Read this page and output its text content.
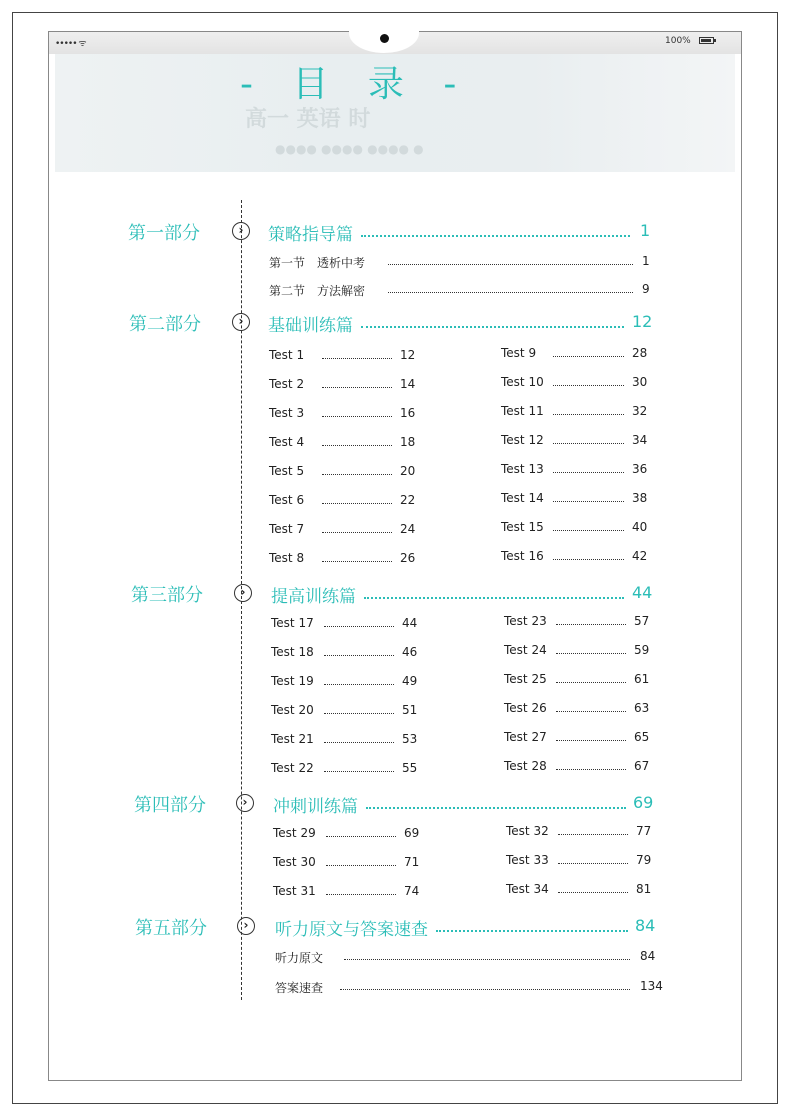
••••• ᯤ	100%
高一 英语 时
●●●● ●●●● ●●●● ●
- 目 录 -
第一部分	›	策略指导篇	1
第一节　透析中考	1
第二节　方法解密	9
第二部分	›	基础训练篇	12
Test 1	12
Test 2	14
Test 3	16
Test 4	18
Test 5	20
Test 6	22
Test 7	24
Test 8	26
Test 9	28
Test 10	30
Test 11	32
Test 12	34
Test 13	36
Test 14	38
Test 15	40
Test 16	42
第三部分	›	提高训练篇	44
Test 17	44
Test 18	46
Test 19	49
Test 20	51
Test 21	53
Test 22	55
Test 23	57
Test 24	59
Test 25	61
Test 26	63
Test 27	65
Test 28	67
第四部分	›	冲刺训练篇	69
Test 29	69
Test 30	71
Test 31	74
Test 32	77
Test 33	79
Test 34	81
第五部分	›	听力原文与答案速查	84
听力原文	84
答案速查	134
